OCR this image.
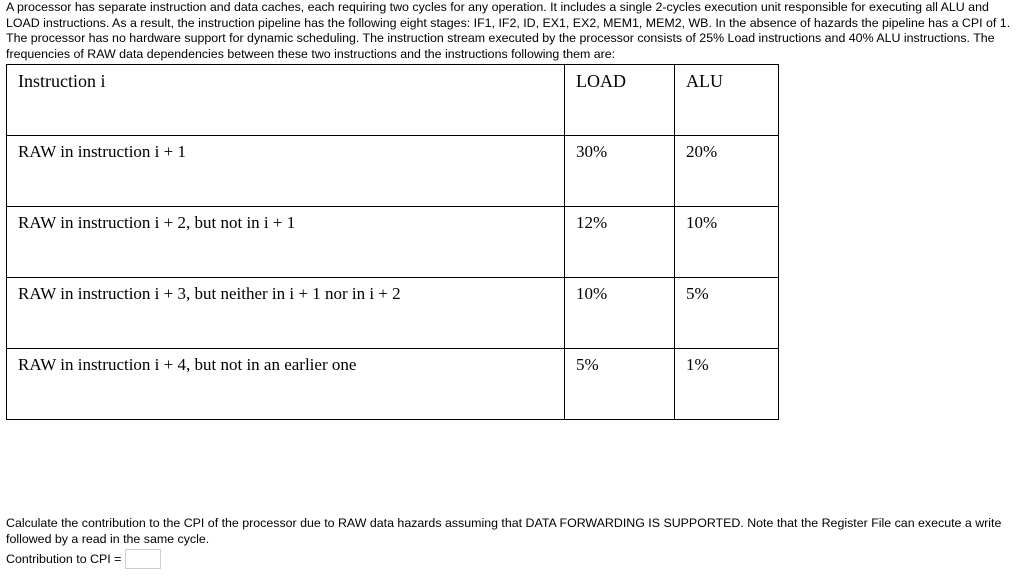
A processor has separate instruction and data caches, each requiring two cycles for any operation. It includes a single 2-cycles execution unit responsible for executing all ALU and LOAD instructions. As a result, the instruction pipeline has the following eight stages: IF1, IF2, ID, EX1, EX2, MEM1, MEM2, WB. In the absence of hazards the pipeline has a CPI of 1. The processor has no hardware support for dynamic scheduling. The instruction stream executed by the processor consists of 25% Load instructions and 40% ALU instructions. The frequencies of RAW data dependencies between these two instructions and the instructions following them are:

Instruction i	LOAD	ALU
RAW in instruction i + 1	30%	20%
RAW in instruction i + 2, but not in i + 1	12%	10%
RAW in instruction i + 3, but neither in i + 1 nor in i + 2	10%	5%
RAW in instruction i + 4, but not in an earlier one	5%	1%

Calculate the contribution to the CPI of the processor due to RAW data hazards assuming that DATA FORWARDING IS SUPPORTED. Note that the Register File can execute a write followed by a read in the same cycle.

Contribution to CPI =
